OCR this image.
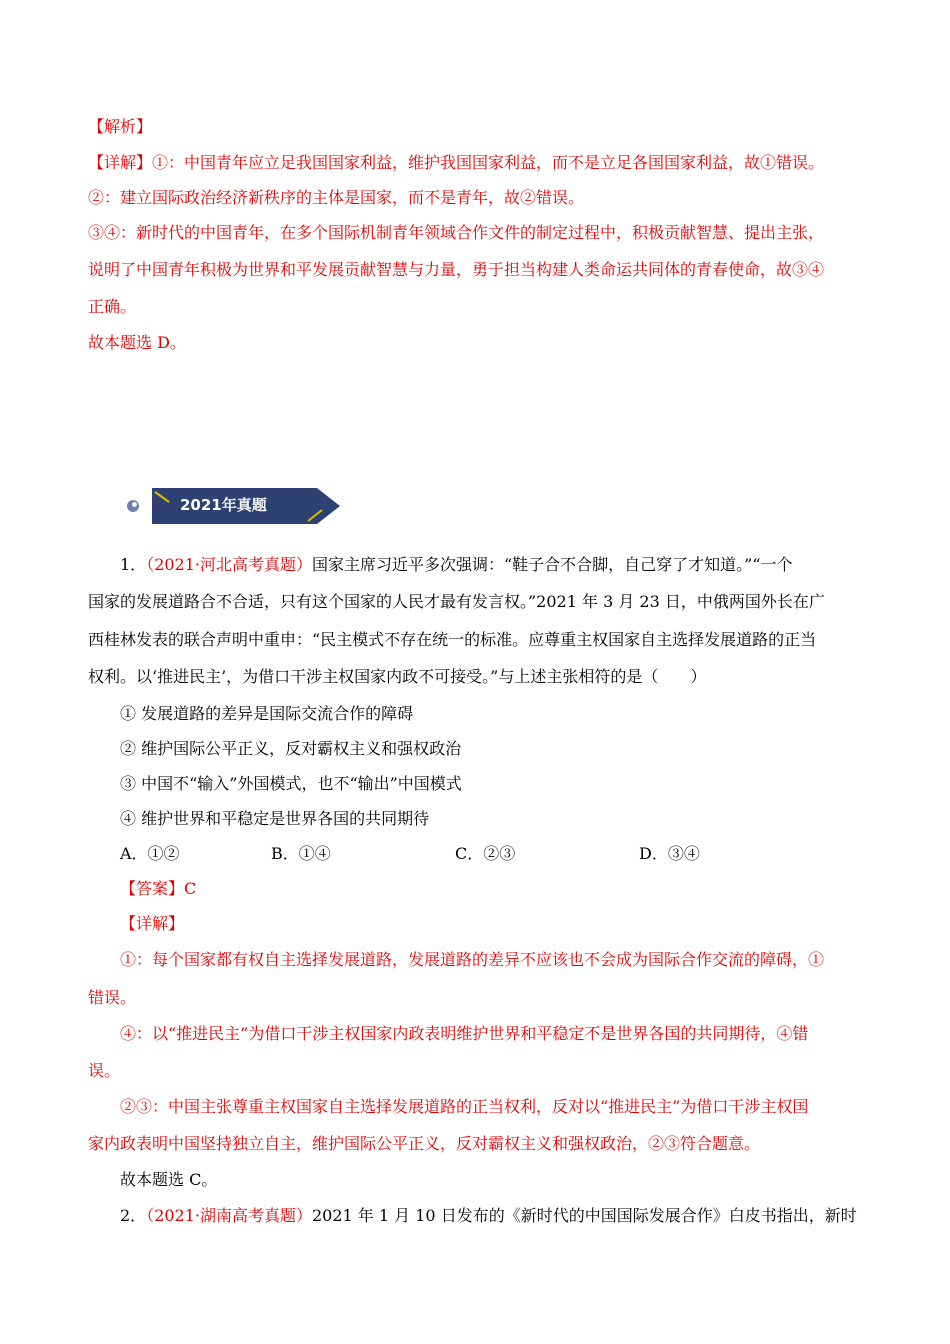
【解析】
【详解】①：中国青年应立足我国国家利益，维护我国国家利益，而不是立足各国国家利益，故①错误。
②：建立国际政治经济新秩序的主体是国家，而不是青年，故②错误。
③④：新时代的中国青年，在多个国际机制青年领域合作文件的制定过程中，积极贡献智慧、提出主张，
说明了中国青年积极为世界和平发展贡献智慧与力量，勇于担当构建人类命运共同体的青春使命，故③④
正确。
故本题选 D。
2021年真题
1．（2021·河北高考真题）国家主席习近平多次强调：“鞋子合不合脚，自己穿了才知道。”“一个
国家的发展道路合不合适，只有这个国家的人民才最有发言权。”2021 年 3 月 23 日，中俄两国外长在广
西桂林发表的联合声明中重申：“民主模式不存在统一的标准。应尊重主权国家自主选择发展道路的正当
权利。以‘推进民主’，为借口干涉主权国家内政不可接受。”与上述主张相符的是（　　）
① 发展道路的差异是国际交流合作的障碍
② 维护国际公平正义，反对霸权主义和强权政治
③ 中国不“输入”外国模式，也不“输出”中国模式
④ 维护世界和平稳定是世界各国的共同期待
A．①②	B．①④	C．②③	D．③④
【答案】C
【详解】
①：每个国家都有权自主选择发展道路，发展道路的差异不应该也不会成为国际合作交流的障碍，①
错误。
④：以“推进民主”为借口干涉主权国家内政表明维护世界和平稳定不是世界各国的共同期待，④错
误。
②③：中国主张尊重主权国家自主选择发展道路的正当权利，反对以“推进民主”为借口干涉主权国
家内政表明中国坚持独立自主，维护国际公平正义，反对霸权主义和强权政治，②③符合题意。
故本题选 C。
2．（2021·湖南高考真题）2021 年 1 月 10 日发布的《新时代的中国国际发展合作》白皮书指出，新时
